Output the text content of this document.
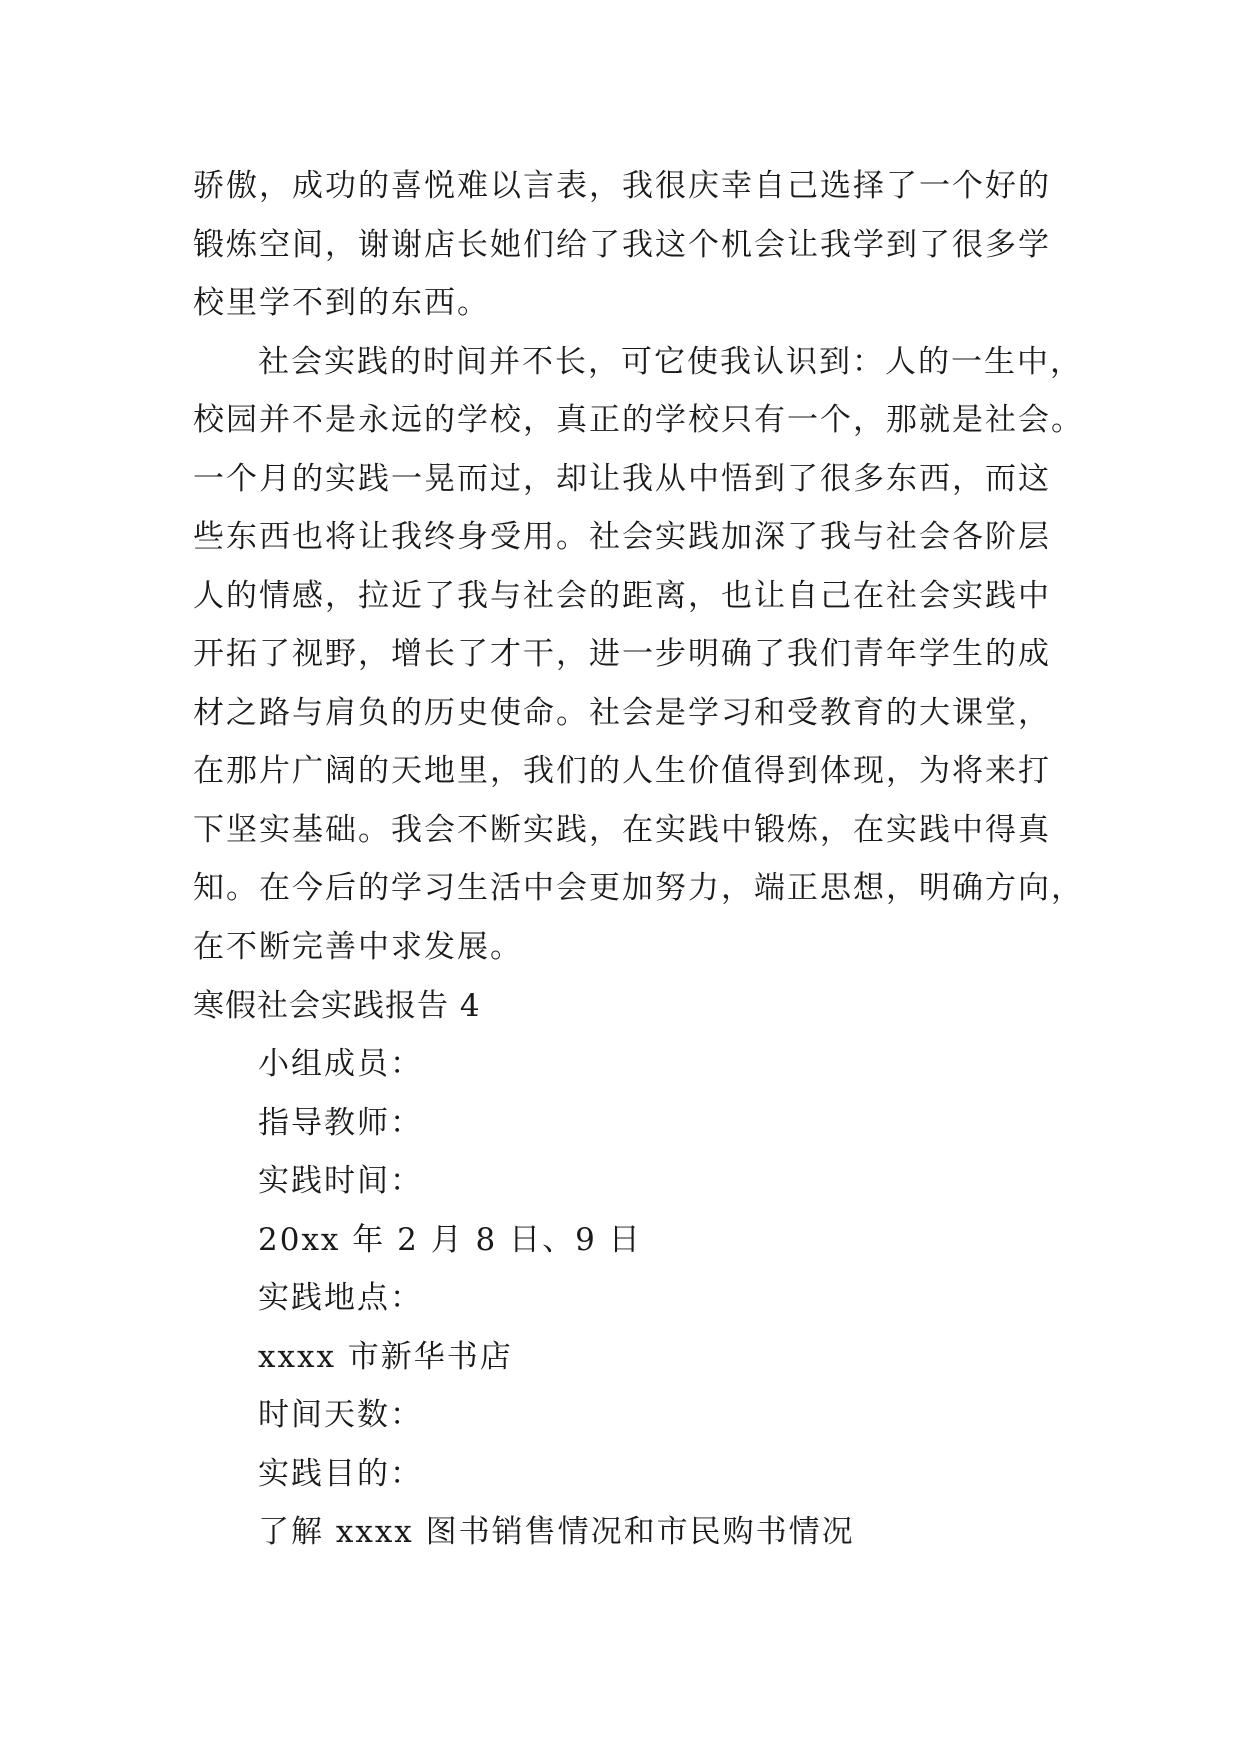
骄傲，成功的喜悦难以言表，我很庆幸自己选择了一个好的
锻炼空间，谢谢店长她们给了我这个机会让我学到了很多学
校里学不到的东西。
社会实践的时间并不长，可它使我认识到：人的一生中，
校园并不是永远的学校，真正的学校只有一个，那就是社会。
一个月的实践一晃而过，却让我从中悟到了很多东西，而这
些东西也将让我终身受用。社会实践加深了我与社会各阶层
人的情感，拉近了我与社会的距离，也让自己在社会实践中
开拓了视野，增长了才干，进一步明确了我们青年学生的成
材之路与肩负的历史使命。社会是学习和受教育的大课堂，
在那片广阔的天地里，我们的人生价值得到体现，为将来打
下坚实基础。我会不断实践，在实践中锻炼，在实践中得真
知。在今后的学习生活中会更加努力，端正思想，明确方向，
在不断完善中求发展。
寒假社会实践报告 4
小组成员：
指导教师：
实践时间：
20xx 年 2 月 8 日、9 日
实践地点：
xxxx 市新华书店
时间天数：
实践目的：
了解 xxxx 图书销售情况和市民购书情况
